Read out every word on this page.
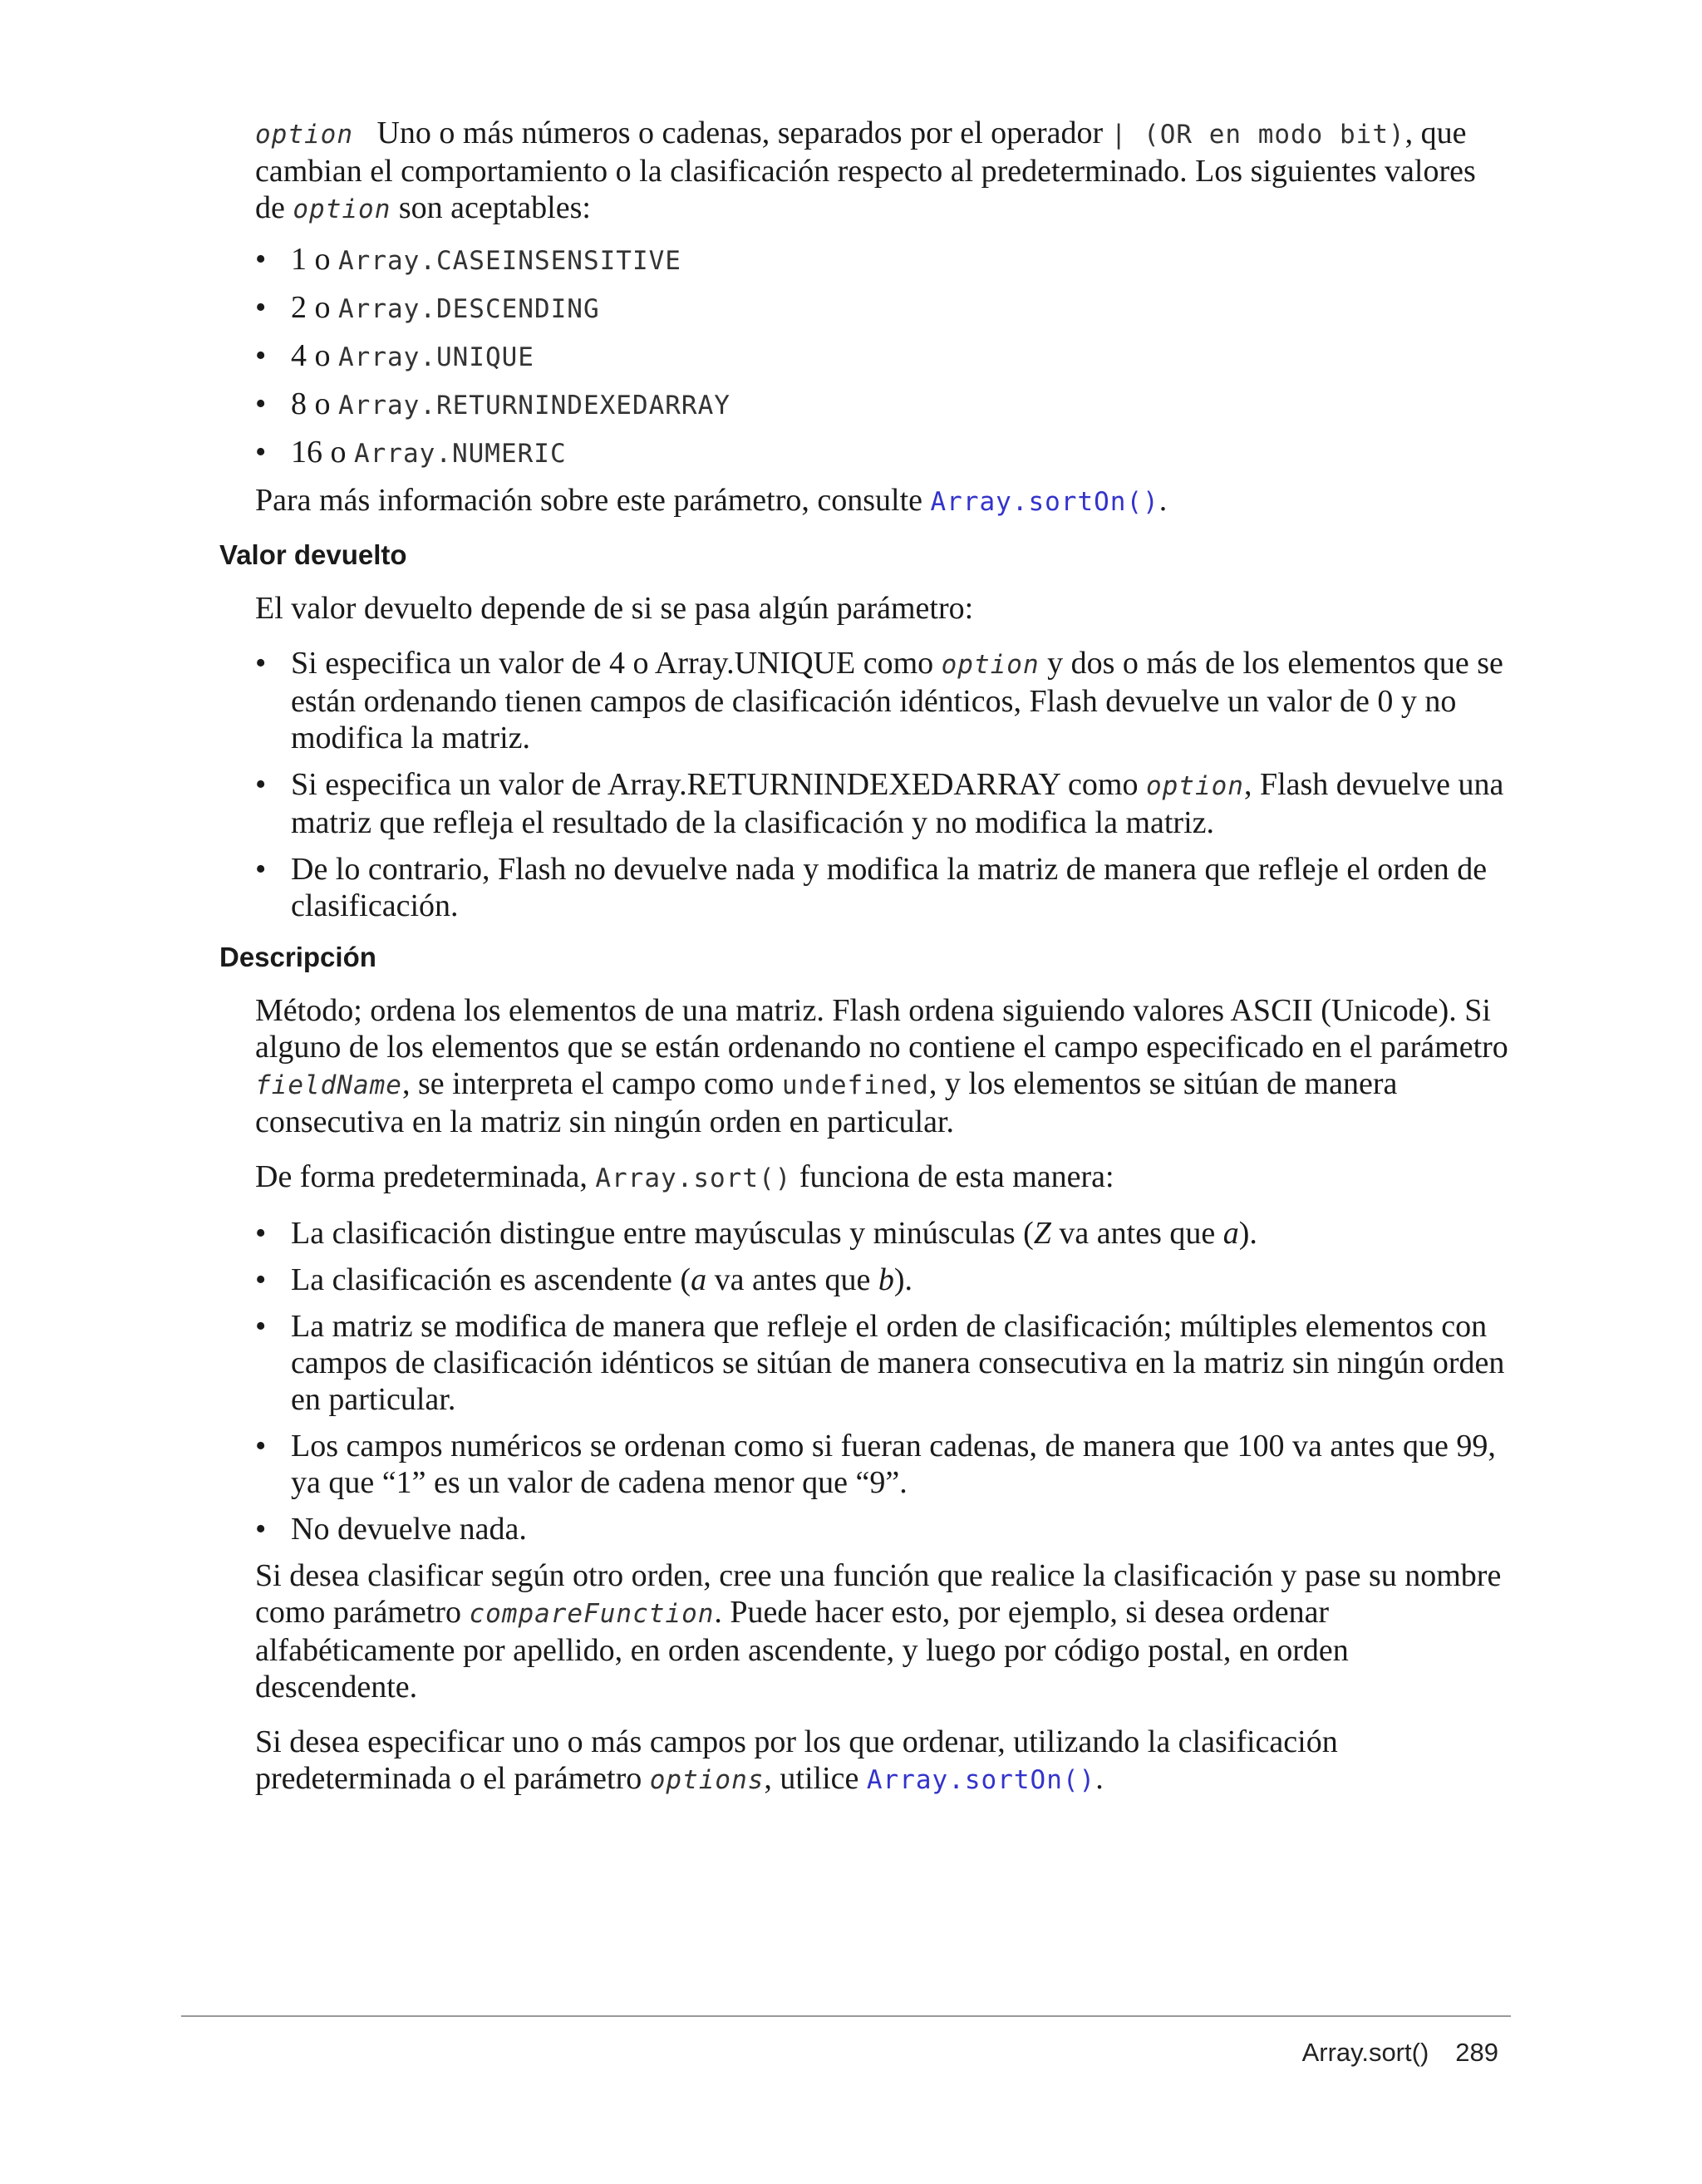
option Uno o más números o cadenas, separados por el operador | (OR en modo bit), que cambian el comportamiento o la clasificación respecto al predeterminado. Los siguientes valores de option son aceptables:

• 1 o Array.CASEINSENSITIVE
• 2 o Array.DESCENDING
• 4 o Array.UNIQUE
• 8 o Array.RETURNINDEXEDARRAY
• 16 o Array.NUMERIC

Para más información sobre este parámetro, consulte Array.sortOn().

Valor devuelto

El valor devuelto depende de si se pasa algún parámetro:

• Si especifica un valor de 4 o Array.UNIQUE como option y dos o más de los elementos que se están ordenando tienen campos de clasificación idénticos, Flash devuelve un valor de 0 y no modifica la matriz.
• Si especifica un valor de Array.RETURNINDEXEDARRAY como option, Flash devuelve una matriz que refleja el resultado de la clasificación y no modifica la matriz.
• De lo contrario, Flash no devuelve nada y modifica la matriz de manera que refleje el orden de clasificación.

Descripción

Método; ordena los elementos de una matriz. Flash ordena siguiendo valores ASCII (Unicode). Si alguno de los elementos que se están ordenando no contiene el campo especificado en el parámetro fieldName, se interpreta el campo como undefined, y los elementos se sitúan de manera consecutiva en la matriz sin ningún orden en particular.

De forma predeterminada, Array.sort() funciona de esta manera:

• La clasificación distingue entre mayúsculas y minúsculas (Z va antes que a).
• La clasificación es ascendente (a va antes que b).
• La matriz se modifica de manera que refleje el orden de clasificación; múltiples elementos con campos de clasificación idénticos se sitúan de manera consecutiva en la matriz sin ningún orden en particular.
• Los campos numéricos se ordenan como si fueran cadenas, de manera que 100 va antes que 99, ya que “1” es un valor de cadena menor que “9”.
• No devuelve nada.

Si desea clasificar según otro orden, cree una función que realice la clasificación y pase su nombre como parámetro compareFunction. Puede hacer esto, por ejemplo, si desea ordenar alfabéticamente por apellido, en orden ascendente, y luego por código postal, en orden descendente.

Si desea especificar uno o más campos por los que ordenar, utilizando la clasificación predeterminada o el parámetro options, utilice Array.sortOn().

Array.sort() 289
